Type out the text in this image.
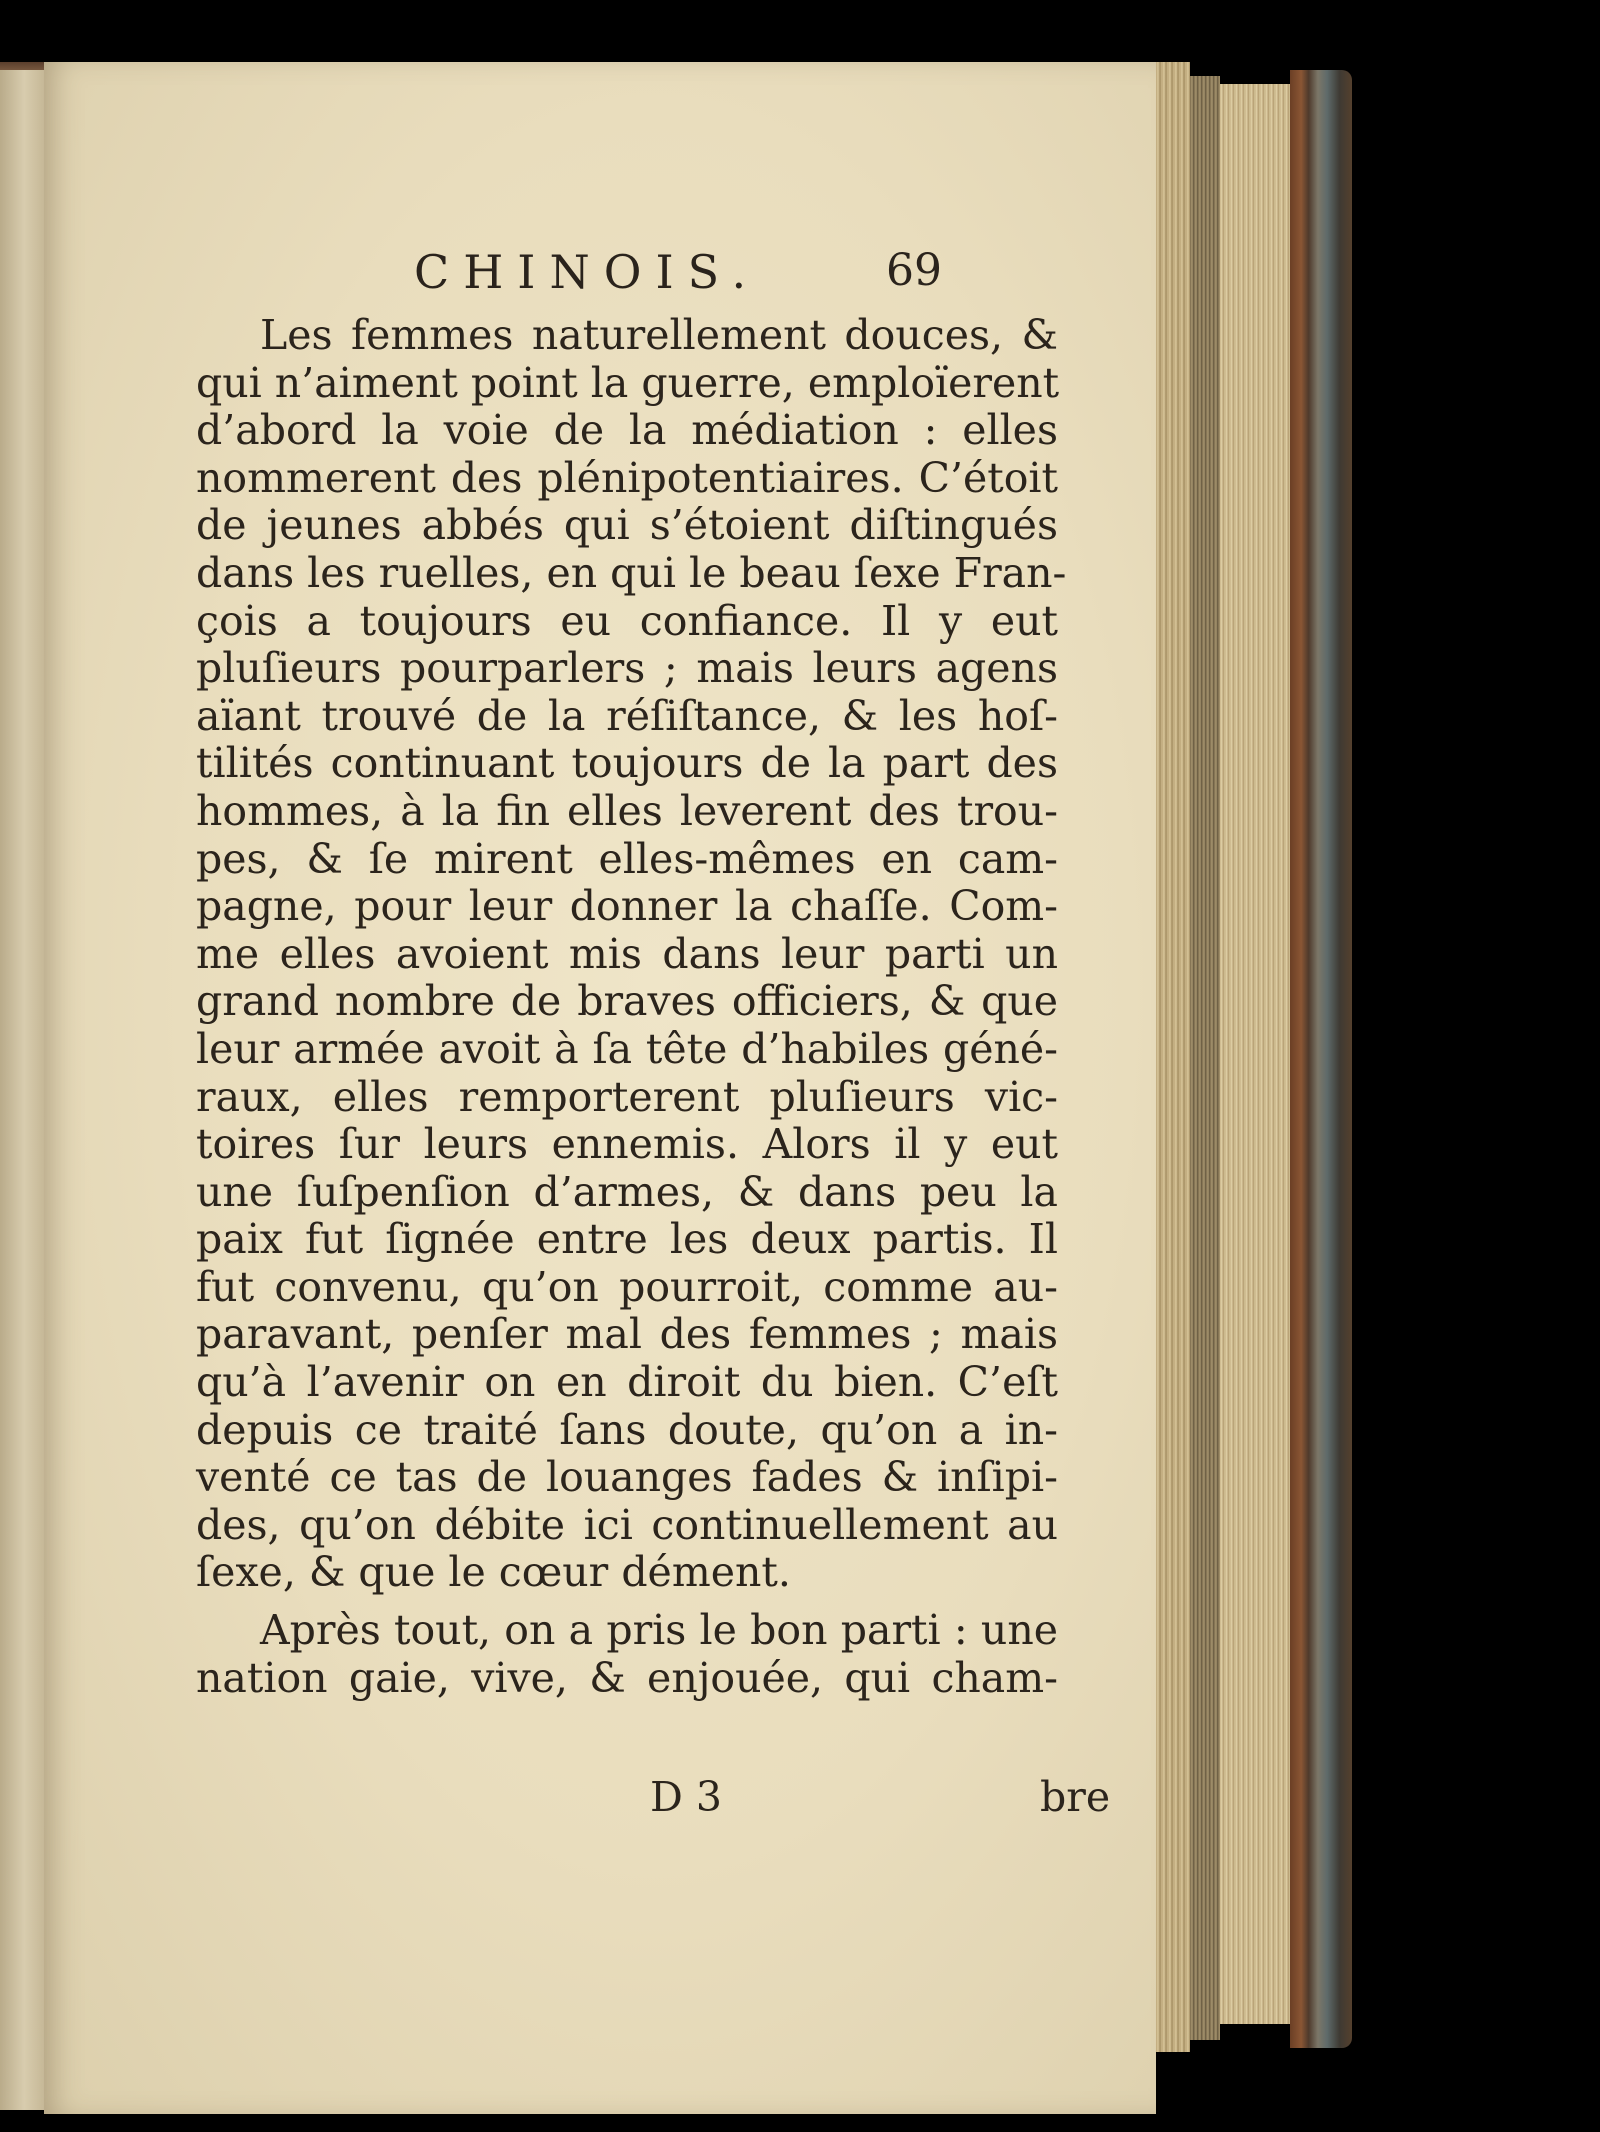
CHINOIS.	69
Les femmes naturellement douces, &
qui n’aiment point la guerre, emploïerent
d’abord la voie de la médiation : elles
nommerent des plénipotentiaires. C’étoit
de jeunes abbés qui s’étoient diſtingués
dans les ruelles, en qui le beau ſexe Fran-
çois a toujours eu confiance. Il y eut
pluſieurs pourparlers ; mais leurs agens
aïant trouvé de la réſiſtance, & les hoſ-
tilités continuant toujours de la part des
hommes, à la fin elles leverent des trou-
pes, & ſe mirent elles-mêmes en cam-
pagne, pour leur donner la chaſſe. Com-
me elles avoient mis dans leur parti un
grand nombre de braves officiers, & que
leur armée avoit à ſa tête d’habiles géné-
raux, elles remporterent pluſieurs vic-
toires ſur leurs ennemis. Alors il y eut
une ſuſpenſion d’armes, & dans peu la
paix fut ſignée entre les deux partis. Il
fut convenu, qu’on pourroit, comme au-
paravant, penſer mal des femmes ; mais
qu’à l’avenir on en diroit du bien. C’eſt
depuis ce traité ſans doute, qu’on a in-
venté ce tas de louanges fades & inſipi-
des, qu’on débite ici continuellement au
ſexe, & que le cœur dément.
Après tout, on a pris le bon parti : une
nation gaie, vive, & enjouée, qui cham-
D 3	bre
